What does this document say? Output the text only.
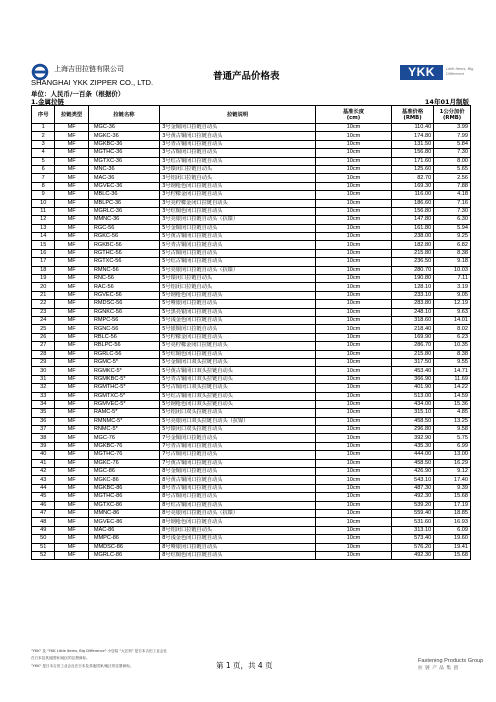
上海吉田拉链有限公司
SHANGHAI YKK ZIPPER CO., LTD.
普通产品价格表	YKK	Little Items, Big Difference
单位：人民币/一百条（根据价）
1.金属拉链	14年01月制版
序号	拉链类型	拉链名称	拉链说明	基准长度
(cm)	基准价格
(RMB)	1公分加价
(RMB)
1	MF	MGC-36	3号金铜闭口拉链自动头	10cm	110.40	3.99
2	MF	MGKC-36	3号黄古铜闭口拉链自动头	10cm	174.80	7.99
3	MF	MGKBC-36	3号青古铜闭口拉链自动头	10cm	131.50	5.84
4	MF	MGTHC-36	3号古铜闭口拉链自动头	10cm	156.80	7.30
5	MF	MGTXC-36	3号红古铜闭口拉链自动头	10cm	171.60	8.00
6	MF	MNC-36	3号镍闭口拉链自动头	10cm	125.60	5.65
7	MF	MAC-36	3号铝闭口拉链自动头	10cm	82.70	2.56
8	MF	MGVEC-36	3号钢枪色闭口拉链自动头	10cm	169.30	7.88
9	MF	MBLC-36	3号柠檬金闭口拉链自动头	10cm	116.00	4.18
10	MF	MBLPC-36	3号亮柠檬金闭口拉链自动头	10cm	186.60	7.16
11	MF	MGRLC-36	3号红铜色闭口拉链自动头	10cm	156.80	7.30
12	MF	MMNC-36	3号亮银闭口拉链自动头（抗镍）	10cm	147.80	6.30
13	MF	RGC-56	5号金铜闭口拉链自动头	10cm	161.80	5.94
14	MF	RGKC-56	5号黄古铜闭口拉链自动头	10cm	238.00	9.25
15	MF	RGKBC-56	5号青古铜闭口拉链自动头	10cm	182.80	6.82
16	MF	RGTHC-56	5号古铜闭口拉链自动头	10cm	215.80	8.38
17	MF	RGTXC-56	5号红古铜闭口拉链自动头	10cm	236.50	9.18
18	MF	RMNC-56	5号亮银闭口拉链自动头（抗镍）	10cm	280.70	10.03
19	MF	RNC-56	5号镍闭口拉链自动头	10cm	190.80	7.11
20	MF	RAC-56	5号铝闭口拉链自动头	10cm	128.10	3.19
21	MF	RGVEC-56	5号钢枪色闭口拉链自动头	10cm	233.10	9.05
22	MF	RMDSC-56	5号哑银闭口拉链自动头	10cm	283.80	12.19
23	MF	RGNKC-56	5号黑亮银闭口拉链自动头	10cm	248.10	9.63
24	MF	RMPC-56	5号浅金色闭口拉链自动头	10cm	318.60	14.01
25	MF	RGNC-56	5号银铜闭口拉链自动头	10cm	218.40	8.02
26	MF	RBLC-56	5号柠檬金闭口拉链自动头	10cm	169.90	6.23
27	MF	RBLPC-56	5号亮柠檬金闭口拉链自动头	10cm	286.70	10.35
28	MF	RGRLC-56	5号红铜色闭口拉链自动头	10cm	215.80	8.38
29	MF	RGMC-5*	5号金铜闭口双头拉链自动头	10cm	317.50	9.55
30	MF	RGMKC-5*	5号黄古铜闭口双头拉链自动头	10cm	453.40	14.71
31	MF	RGMKBC-5*	5号青古铜闭口双头拉链自动头	10cm	366.90	11.69
32	MF	RGMTHC-5*	5号古铜闭口双头拉链自动头	10cm	401.90	14.22
33	MF	RGMTXC-5*	5号红古铜闭口双头拉链自动头	10cm	513.00	14.59
34	MF	RGMVEC-5*	5号钢枪色闭口双头拉链自动头	10cm	434.00	15.36
35	MF	RAMC-5*	5号铝闭口双头拉链自动头	10cm	315.10	4.85
36	MF	RMNMC-5*	5号亮银闭口双头拉链自动头（抗镍）	10cm	458.50	13.25
37	MF	RNMC-5*	5号镍闭口双头拉链自动头	10cm	296.80	9.58
38	MF	MGC-76	7号金铜闭口拉链自动头	10cm	392.90	5.75
39	MF	MGKBC-76	7号青古铜闭口拉链自动头	10cm	435.30	6.99
40	MF	MGTHC-76	7号古铜闭口拉链自动头	10cm	444.00	13.00
41	MF	MGKC-76	7号黄古铜闭口拉链自动头	10cm	458.50	16.29
42	MF	MGC-86	8号金铜闭口拉链自动头	10cm	426.90	9.12
43	MF	MGKC-86	8号黄古铜闭口拉链自动头	10cm	543.10	17.40
44	MF	MGKBC-86	8号青古铜闭口拉链自动头	10cm	487.30	9.39
45	MF	MGTHC-86	8号古铜闭口拉链自动头	10cm	492.30	15.68
46	MF	MGTXC-86	8号红古铜闭口拉链自动头	10cm	539.20	17.19
47	MF	MMNC-86	8号亮银闭口拉链自动头（抗镍）	10cm	559.40	18.85
48	MF	MGVEC-86	8号钢枪色闭口拉链自动头	10cm	531.60	16.93
49	MF	MAC-86	8号铝闭口拉链自动头	10cm	313.10	6.09
50	MF	MMPC-86	8号浅金色闭口拉链自动头	10cm	573.40	19.60
51	MF	MMDSC-86	8号哑银闭口拉链自动头	10cm	576.20	19.41
52	MF	MGRLC-86	8号红铜色闭口拉链自动头	10cm	492.30	15.68
"YKK" 及 "YKK Little Items, Big Difference" 小包装 "大区别" 是日本吉田工业会社
在日本及其他国家/地区的注册商标。
"YKK" 是日本吉田工业会社在日本及其他国家/地区的注册商标。	第 1 页，共 4 页	Fastening Products Group
拉链产品集团
